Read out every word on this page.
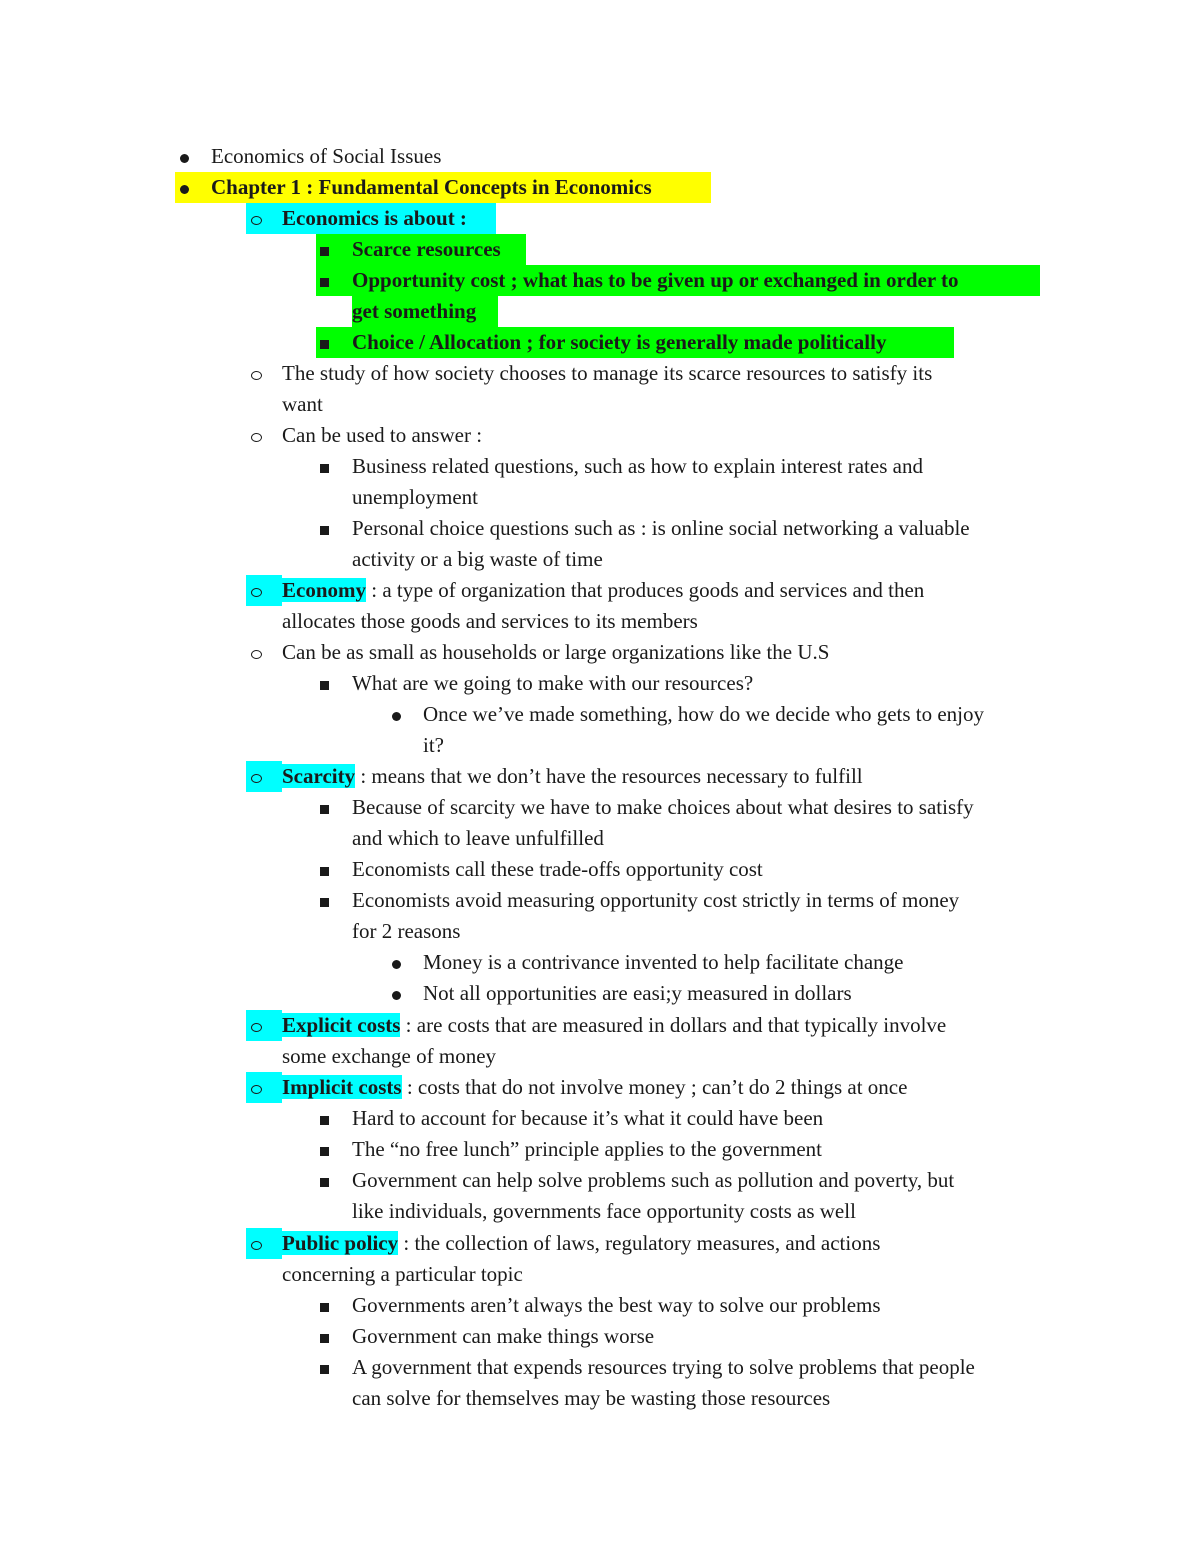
Economics of Social Issues
Chapter 1 : Fundamental Concepts in Economics
Economics is about :
Scarce resources
Opportunity cost ; what has to be given up or exchanged in order to
get something
Choice / Allocation ; for society is generally made politically
The study of how society chooses to manage its scarce resources to satisfy its
want
Can be used to answer :
Business related questions, such as how to explain interest rates and
unemployment
Personal choice questions such as : is online social networking a valuable
activity or a big waste of time
Economy : a type of organization that produces goods and services and then
allocates those goods and services to its members
Can be as small as households or large organizations like the U.S
What are we going to make with our resources?
Once we’ve made something, how do we decide who gets to enjoy
it?
Scarcity : means that we don’t have the resources necessary to fulfill
Because of scarcity we have to make choices about what desires to satisfy
and which to leave unfulfilled
Economists call these trade-offs opportunity cost
Economists avoid measuring opportunity cost strictly in terms of money
for 2 reasons
Money is a contrivance invented to help facilitate change
Not all opportunities are easi;y measured in dollars
Explicit costs : are costs that are measured in dollars and that typically involve
some exchange of money
Implicit costs : costs that do not involve money ; can’t do 2 things at once
Hard to account for because it’s what it could have been
The “no free lunch” principle applies to the government
Government can help solve problems such as pollution and poverty, but
like individuals, governments face opportunity costs as well
Public policy : the collection of laws, regulatory measures, and actions
concerning a particular topic
Governments aren’t always the best way to solve our problems
Government can make things worse
A government that expends resources trying to solve problems that people
can solve for themselves may be wasting those resources
